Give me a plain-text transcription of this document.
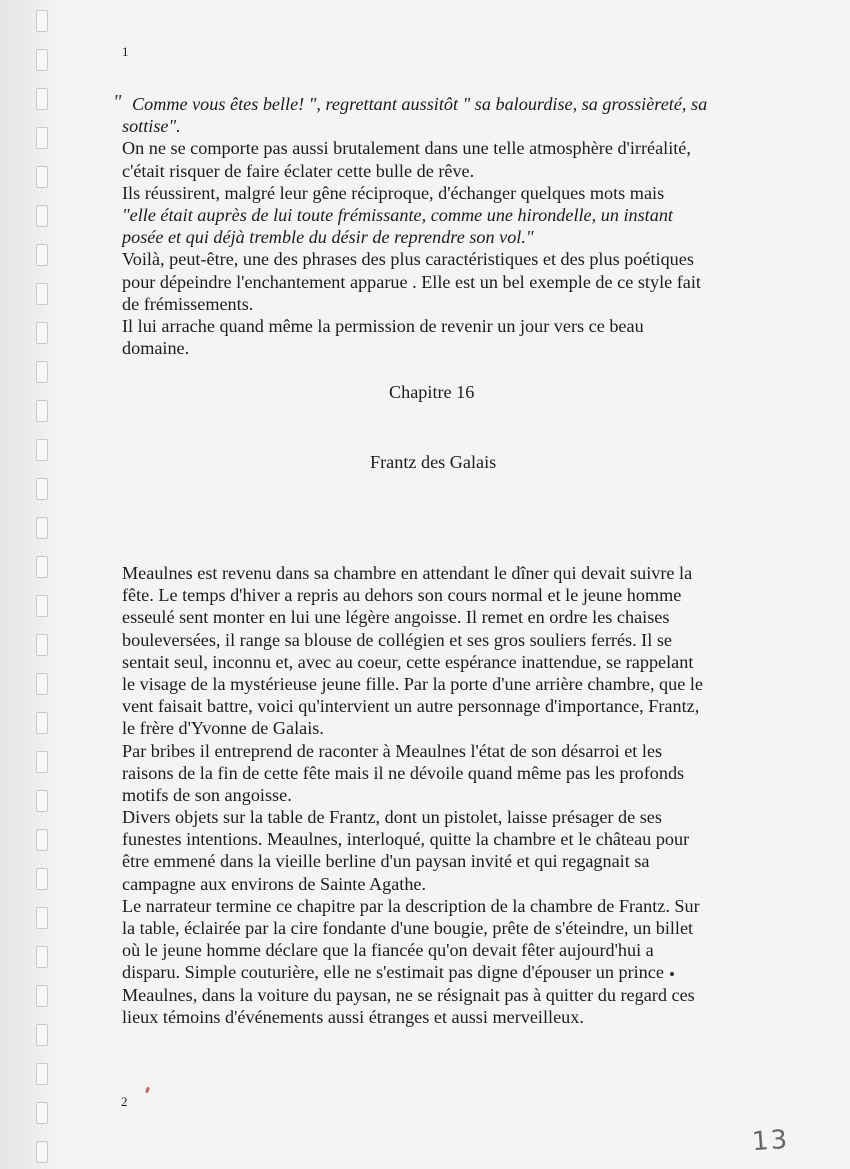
1
" Comme vous êtes belle! ", regrettant aussitôt " sa balourdise, sa grossièreté, sa
sottise".
On ne se comporte pas aussi brutalement dans une telle atmosphère d'irréalité,
c'était risquer de faire éclater cette bulle de rêve.
Ils réussirent, malgré leur gêne réciproque, d'échanger quelques mots mais
"elle était auprès de lui toute frémissante, comme une hirondelle, un instant
posée et qui déjà tremble du désir de reprendre son vol."
Voilà, peut-être, une des phrases des plus caractéristiques et des plus poétiques
pour dépeindre l'enchantement apparue . Elle est un bel exemple de ce style fait
de frémissements.
Il lui arrache quand même la permission de revenir un jour vers ce beau
domaine.
Chapitre 16
Frantz des Galais
Meaulnes est revenu dans sa chambre en attendant le dîner qui devait suivre la
fête. Le temps d'hiver a repris au dehors son cours normal et le jeune homme
esseulé sent monter en lui une légère angoisse. Il remet en ordre les chaises
bouleversées, il range sa blouse de collégien et ses gros souliers ferrés. Il se
sentait seul, inconnu et, avec au coeur, cette espérance inattendue, se rappelant
le visage de la mystérieuse jeune fille. Par la porte d'une arrière chambre, que le
vent faisait battre, voici qu'intervient un autre personnage d'importance, Frantz,
le frère d'Yvonne de Galais.
Par bribes il entreprend de raconter à Meaulnes l'état de son désarroi et les
raisons de la fin de cette fête mais il ne dévoile quand même pas les profonds
motifs de son angoisse.
Divers objets sur la table de Frantz, dont un pistolet, laisse présager de ses
funestes intentions. Meaulnes, interloqué, quitte la chambre et le château pour
être emmené dans la vieille berline d'un paysan invité et qui regagnait sa
campagne aux environs de Sainte Agathe.
Le narrateur termine ce chapitre par la description de la chambre de Frantz. Sur
la table, éclairée par la cire fondante d'une bougie, prête de s'éteindre, un billet
où le jeune homme déclare que la fiancée qu'on devait fêter aujourd'hui a
disparu. Simple couturière, elle ne s'estimait pas digne d'épouser un prince
Meaulnes, dans la voiture du paysan, ne se résignait pas à quitter du regard ces
lieux témoins d'événements aussi étranges et aussi merveilleux.
2
13
